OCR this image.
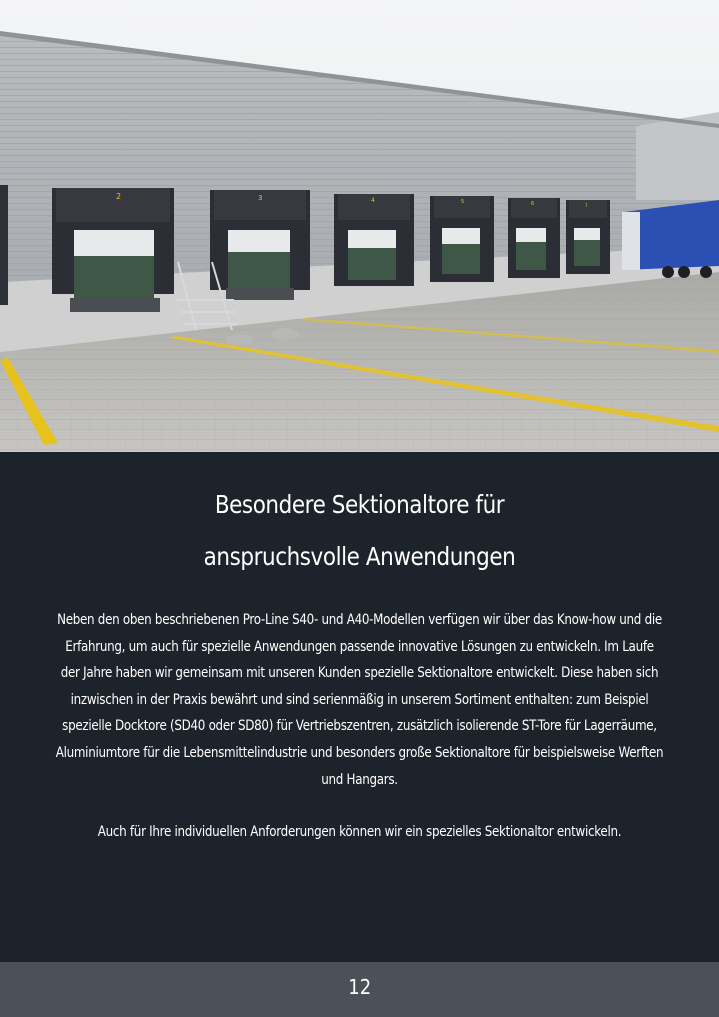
2	3	4	5	6	7
Besondere Sektionaltore für
anspruchsvolle Anwendungen

Neben den oben beschriebenen Pro-Line S40- und A40-Modellen verfügen wir über das Know-how und die Erfahrung, um auch für spezielle Anwendungen passende innovative Lösungen zu entwickeln. Im Laufe der Jahre haben wir gemeinsam mit unseren Kunden spezielle Sektionaltore entwickelt. Diese haben sich inzwischen in der Praxis bewährt und sind serienmäßig in unserem Sortiment enthalten: zum Beispiel spezielle Docktore (SD40 oder SD80) für Vertriebszentren, zusätzlich isolierende ST-Tore für Lagerräume, Aluminiumtore für die Lebensmittelindustrie und besonders große Sektionaltore für beispielsweise Werften und Hangars.

Auch für Ihre individuellen Anforderungen können wir ein spezielles Sektionaltor entwickeln.

12
